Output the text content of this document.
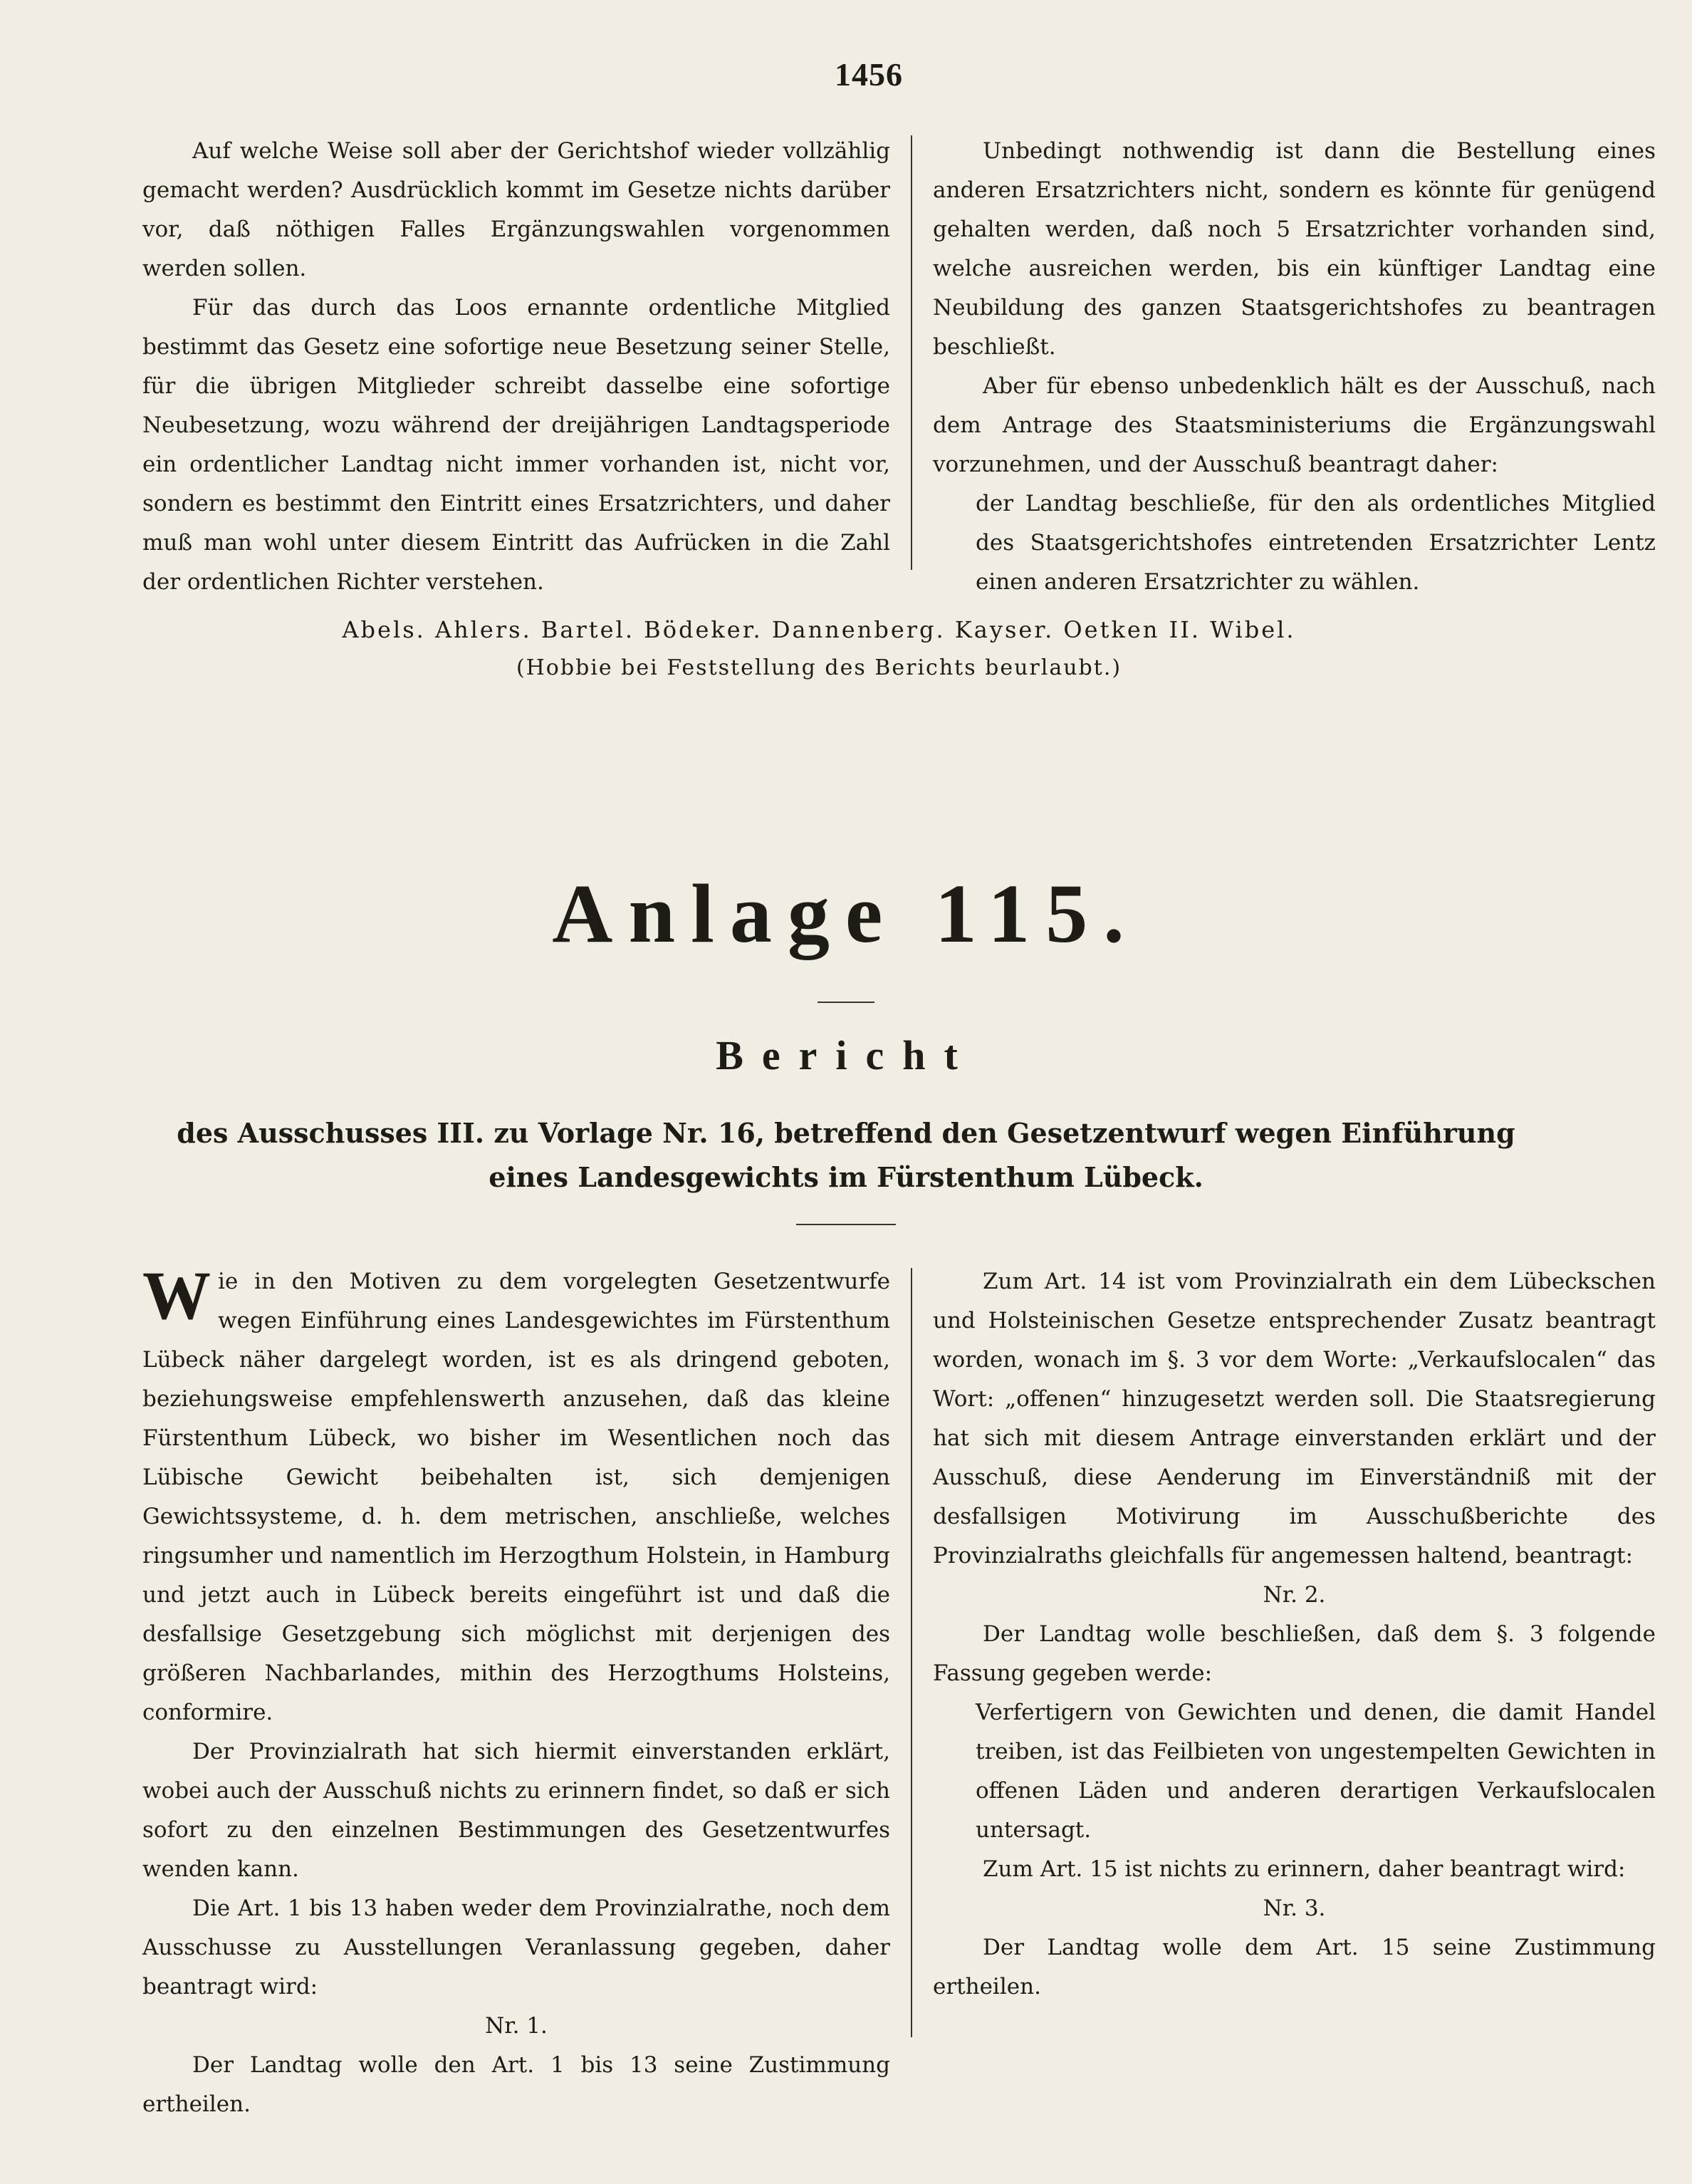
1456

Auf welche Weise soll aber der Gerichtshof wieder vollzählig gemacht werden? Ausdrücklich kommt im Gesetze nichts darüber vor, daß nöthigen Falles Ergänzungswahlen vorgenommen werden sollen.

Für das durch das Loos ernannte ordentliche Mitglied bestimmt das Gesetz eine sofortige neue Besetzung seiner Stelle, für die übrigen Mitglieder schreibt dasselbe eine sofortige Neubesetzung, wozu während der dreijährigen Landtagsperiode ein ordentlicher Landtag nicht immer vorhanden ist, nicht vor, sondern es bestimmt den Eintritt eines Ersatzrichters, und daher muß man wohl unter diesem Eintritt das Aufrücken in die Zahl der ordentlichen Richter verstehen.

Unbedingt nothwendig ist dann die Bestellung eines anderen Ersatzrichters nicht, sondern es könnte für genügend gehalten werden, daß noch 5 Ersatzrichter vorhanden sind, welche ausreichen werden, bis ein künftiger Landtag eine Neubildung des ganzen Staatsgerichtshofes zu beantragen beschließt.

Aber für ebenso unbedenklich hält es der Ausschuß, nach dem Antrage des Staatsministeriums die Ergänzungswahl vorzunehmen, und der Ausschuß beantragt daher:

der Landtag beschließe, für den als ordentliches Mitglied des Staatsgerichtshofes eintretenden Ersatzrichter Lentz einen anderen Ersatzrichter zu wählen.

Abels. Ahlers. Bartel. Bödeker. Dannenberg. Kayser. Oetken II. Wibel.
(Hobbie bei Feststellung des Berichts beurlaubt.)
Anlage 115.
Bericht
des Ausschusses III. zu Vorlage Nr. 16, betreffend den Gesetzentwurf wegen Einführung eines Landesgewichts im Fürstenthum Lübeck.

Wie in den Motiven zu dem vorgelegten Gesetzentwurfe wegen Einführung eines Landesgewichtes im Fürstenthum Lübeck näher dargelegt worden, ist es als dringend geboten, beziehungsweise empfehlenswerth anzusehen, daß das kleine Fürstenthum Lübeck, wo bisher im Wesentlichen noch das Lübische Gewicht beibehalten ist, sich demjenigen Gewichtssysteme, d. h. dem metrischen, anschließe, welches ringsumher und namentlich im Herzogthum Holstein, in Hamburg und jetzt auch in Lübeck bereits eingeführt ist und daß die desfallsige Gesetzgebung sich möglichst mit derjenigen des größeren Nachbarlandes, mithin des Herzogthums Holsteins, conformire.

Der Provinzialrath hat sich hiermit einverstanden erklärt, wobei auch der Ausschuß nichts zu erinnern findet, so daß er sich sofort zu den einzelnen Bestimmungen des Gesetzentwurfes wenden kann.

Die Art. 1 bis 13 haben weder dem Provinzialrathe, noch dem Ausschusse zu Ausstellungen Veranlassung gegeben, daher beantragt wird:

Nr. 1.

Der Landtag wolle den Art. 1 bis 13 seine Zustimmung ertheilen.

Zum Art. 14 ist vom Provinzialrath ein dem Lübeckschen und Holsteinischen Gesetze entsprechender Zusatz beantragt worden, wonach im §. 3 vor dem Worte: „Verkaufslocalen“ das Wort: „offenen“ hinzugesetzt werden soll. Die Staatsregierung hat sich mit diesem Antrage einverstanden erklärt und der Ausschuß, diese Aenderung im Einverständniß mit der desfallsigen Motivirung im Ausschußberichte des Provinzialraths gleichfalls für angemessen haltend, beantragt:

Nr. 2.

Der Landtag wolle beschließen, daß dem §. 3 folgende Fassung gegeben werde:

Verfertigern von Gewichten und denen, die damit Handel treiben, ist das Feilbieten von ungestempelten Gewichten in offenen Läden und anderen derartigen Verkaufslocalen untersagt.

Zum Art. 15 ist nichts zu erinnern, daher beantragt wird:

Nr. 3.

Der Landtag wolle dem Art. 15 seine Zustimmung ertheilen.
